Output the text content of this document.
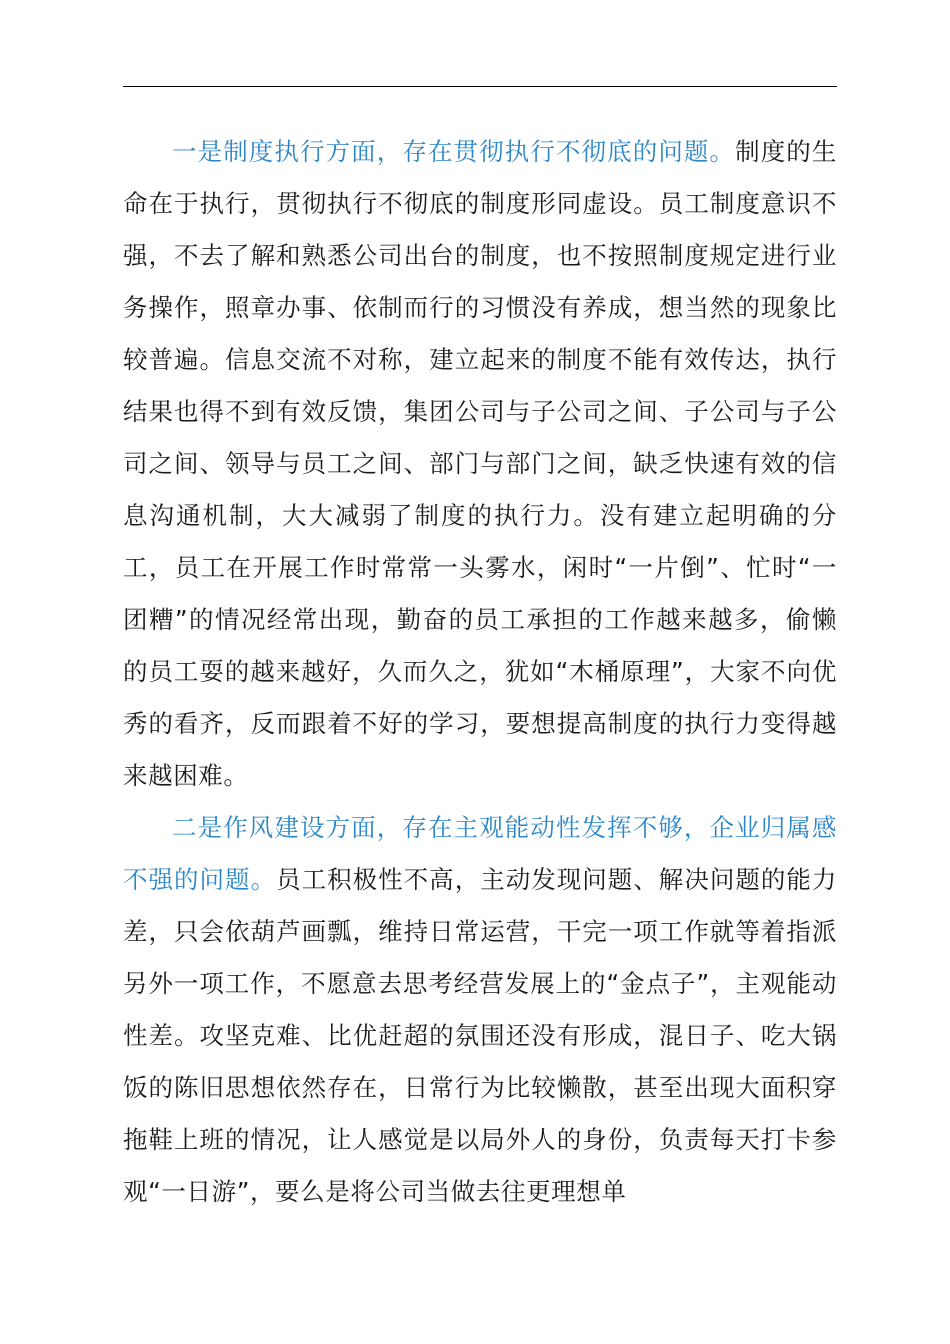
一是制度执行方面，存在贯彻执行不彻底的问题。制度的生命在于执行，贯彻执行不彻底的制度形同虚设。员工制度意识不强，不去了解和熟悉公司出台的制度，也不按照制度规定进行业务操作，照章办事、依制而行的习惯没有养成，想当然的现象比较普遍。信息交流不对称，建立起来的制度不能有效传达，执行结果也得不到有效反馈，集团公司与子公司之间、子公司与子公司之间、领导与员工之间、部门与部门之间，缺乏快速有效的信息沟通机制，大大减弱了制度的执行力。没有建立起明确的分工，员工在开展工作时常常一头雾水，闲时“一片倒”、忙时“一团糟”的情况经常出现，勤奋的员工承担的工作越来越多，偷懒的员工耍的越来越好，久而久之，犹如“木桶原理”，大家不向优秀的看齐，反而跟着不好的学习，要想提高制度的执行力变得越来越困难。

二是作风建设方面，存在主观能动性发挥不够，企业归属感不强的问题。员工积极性不高，主动发现问题、解决问题的能力差，只会依葫芦画瓢，维持日常运营，干完一项工作就等着指派另外一项工作，不愿意去思考经营发展上的“金点子”，主观能动性差。攻坚克难、比优赶超的氛围还没有形成，混日子、吃大锅饭的陈旧思想依然存在，日常行为比较懒散，甚至出现大面积穿拖鞋上班的情况，让人感觉是以局外人的身份，负责每天打卡参观“一日游”，要么是将公司当做去往更理想单
